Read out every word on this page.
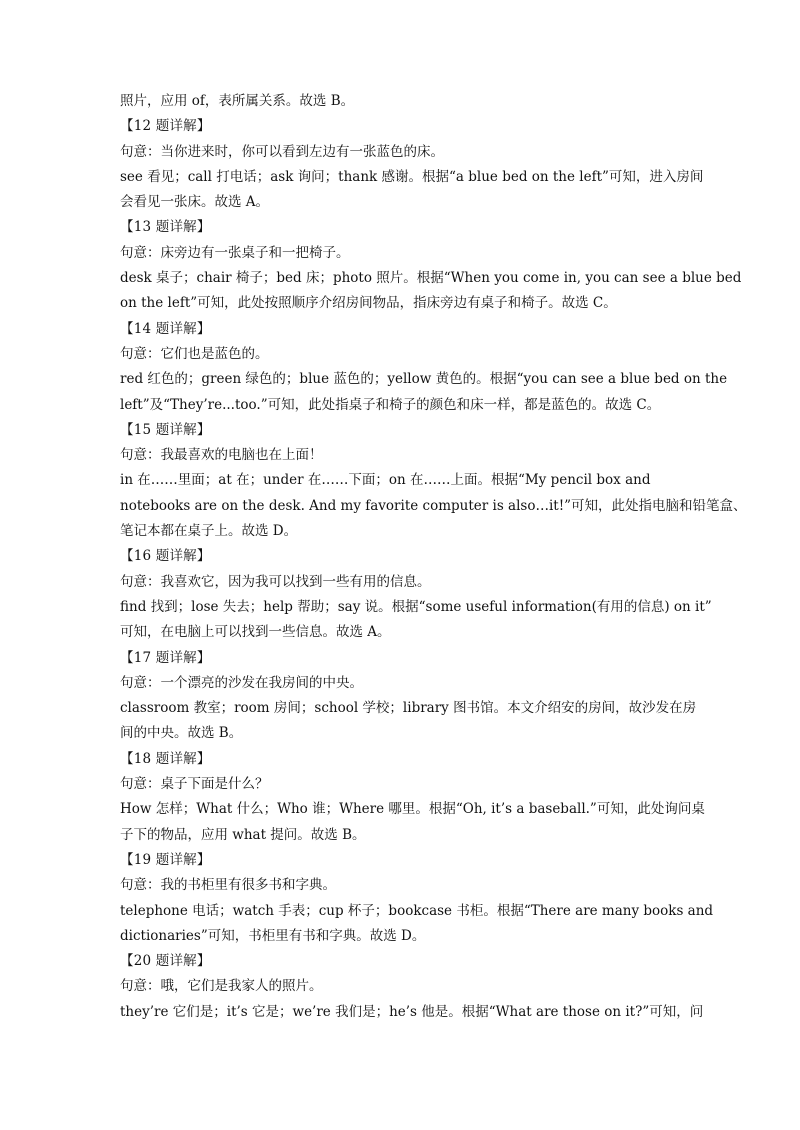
照片，应用 of，表所属关系。故选 B。
【12 题详解】
句意：当你进来时，你可以看到左边有一张蓝色的床。
see 看见；call 打电话；ask 询问；thank 感谢。根据“a blue bed on the left”可知，进入房间
会看见一张床。故选 A。
【13 题详解】
句意：床旁边有一张桌子和一把椅子。
desk 桌子；chair 椅子；bed 床；photo 照片。根据“When you come in, you can see a blue bed
on the left”可知，此处按照顺序介绍房间物品，指床旁边有桌子和椅子。故选 C。
【14 题详解】
句意：它们也是蓝色的。
red 红色的；green 绿色的；blue 蓝色的；yellow 黄色的。根据“you can see a blue bed on the
left”及“They’re...too.”可知，此处指桌子和椅子的颜色和床一样，都是蓝色的。故选 C。
【15 题详解】
句意：我最喜欢的电脑也在上面！
in 在……里面；at 在；under 在……下面；on 在……上面。根据“My pencil box and
notebooks are on the desk. And my favorite computer is also…it!”可知，此处指电脑和铅笔盒、
笔记本都在桌子上。故选 D。
【16 题详解】
句意：我喜欢它，因为我可以找到一些有用的信息。
find 找到；lose 失去；help 帮助；say 说。根据“some useful information(有用的信息) on it”
可知，在电脑上可以找到一些信息。故选 A。
【17 题详解】
句意：一个漂亮的沙发在我房间的中央。
classroom 教室；room 房间；school 学校；library 图书馆。本文介绍安的房间，故沙发在房
间的中央。故选 B。
【18 题详解】
句意：桌子下面是什么？
How 怎样；What 什么；Who 谁；Where 哪里。根据“Oh, it’s a baseball.”可知，此处询问桌
子下的物品，应用 what 提问。故选 B。
【19 题详解】
句意：我的书柜里有很多书和字典。
telephone 电话；watch 手表；cup 杯子；bookcase 书柜。根据“There are many books and
dictionaries”可知，书柜里有书和字典。故选 D。
【20 题详解】
句意：哦，它们是我家人的照片。
they’re 它们是；it’s 它是；we’re 我们是；he’s 他是。根据“What are those on it?”可知，问
